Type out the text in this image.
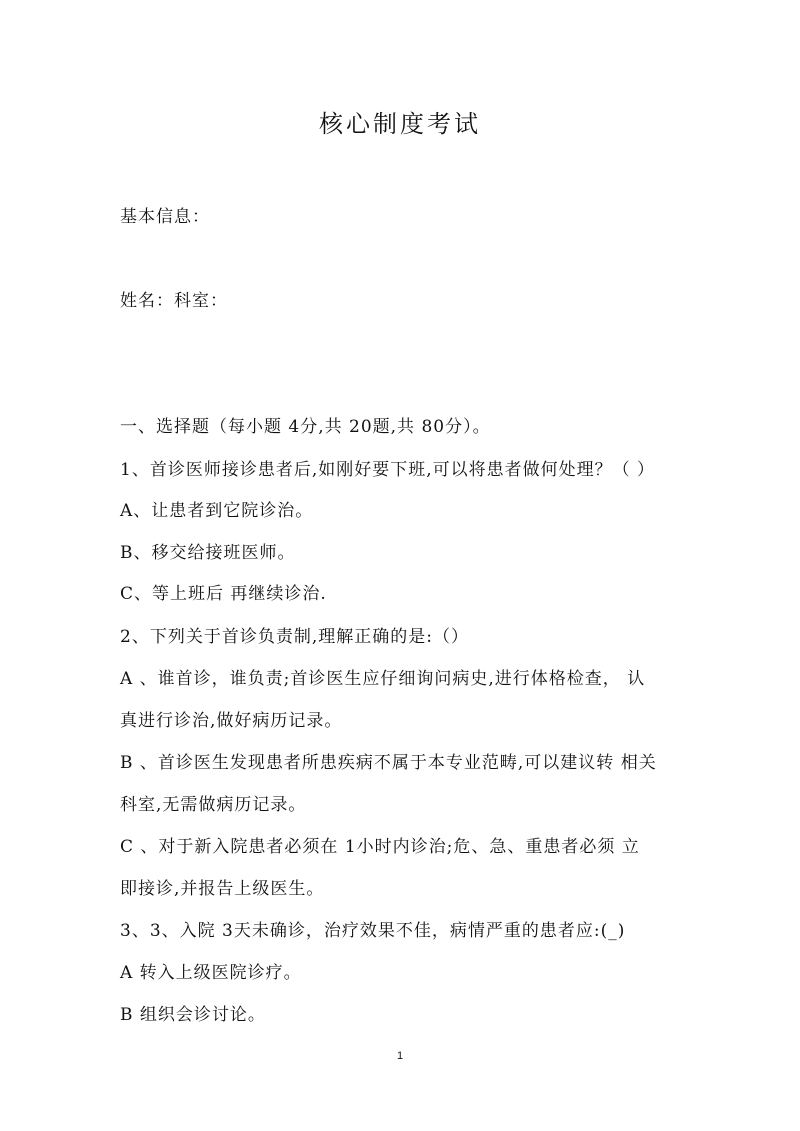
核心制度考试
基本信息：
姓名：科室：
一、选择题（每小题 4分,共 20题,共 80分）。
1、首诊医师接诊患者后,如刚好要下班,可以将患者做何处理？（ ）
A、让患者到它院诊治。
B、移交给接班医师。
C、等上班后 再继续诊治.
2、下列关于首诊负责制,理解正确的是:（）
A 、谁首诊，谁负责;首诊医生应仔细询问病史,进行体格检查， 认
真进行诊治,做好病历记录。
B 、首诊医生发现患者所患疾病不属于本专业范畴,可以建议转 相关
科室,无需做病历记录。
C 、对于新入院患者必须在 1小时内诊治;危、急、重患者必须 立
即接诊,并报告上级医生。
3、3、入院 3天未确诊，治疗效果不佳，病情严重的患者应:(_)
A 转入上级医院诊疗。
B 组织会诊讨论。
1
